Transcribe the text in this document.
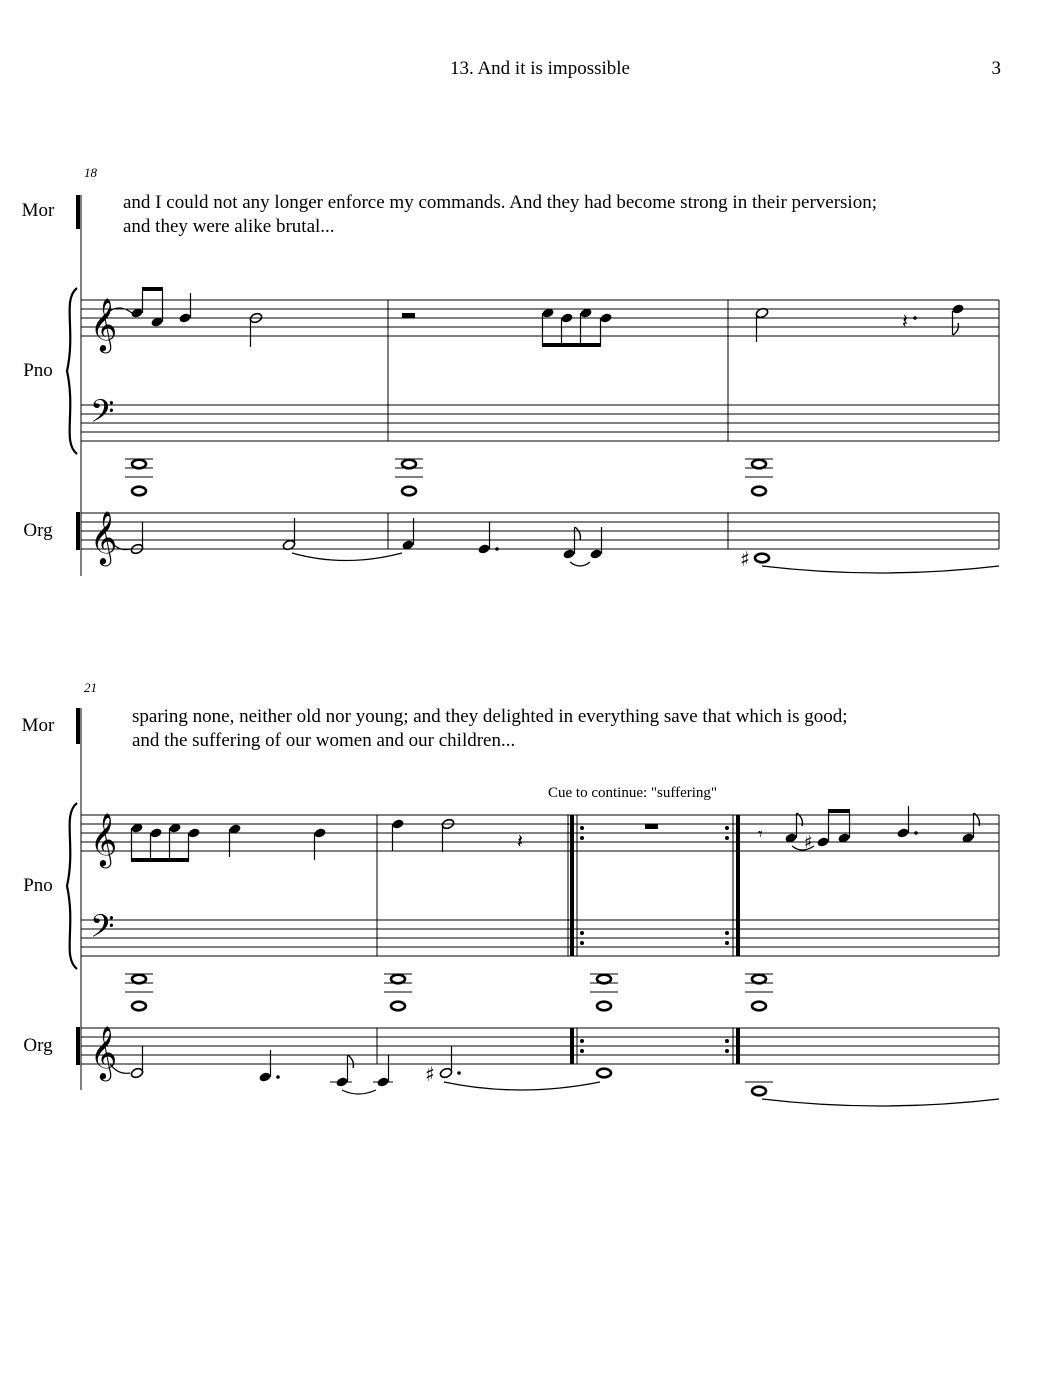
13. And it is impossible	3
18
Mor
Pno
Org
and I could not any longer enforce my commands. And they had become strong in their perversion;
and they were alike brutal...
21
Mor
Pno
Org
sparing none, neither old nor young; and they delighted in everything save that which is good;
and the suffering of our women and our children...
Cue to continue: "suffering"
𝄞
𝄢
𝄽
𝄞	♯
𝄞
𝄢
𝄽	𝄾 ♯
𝄞	♯
